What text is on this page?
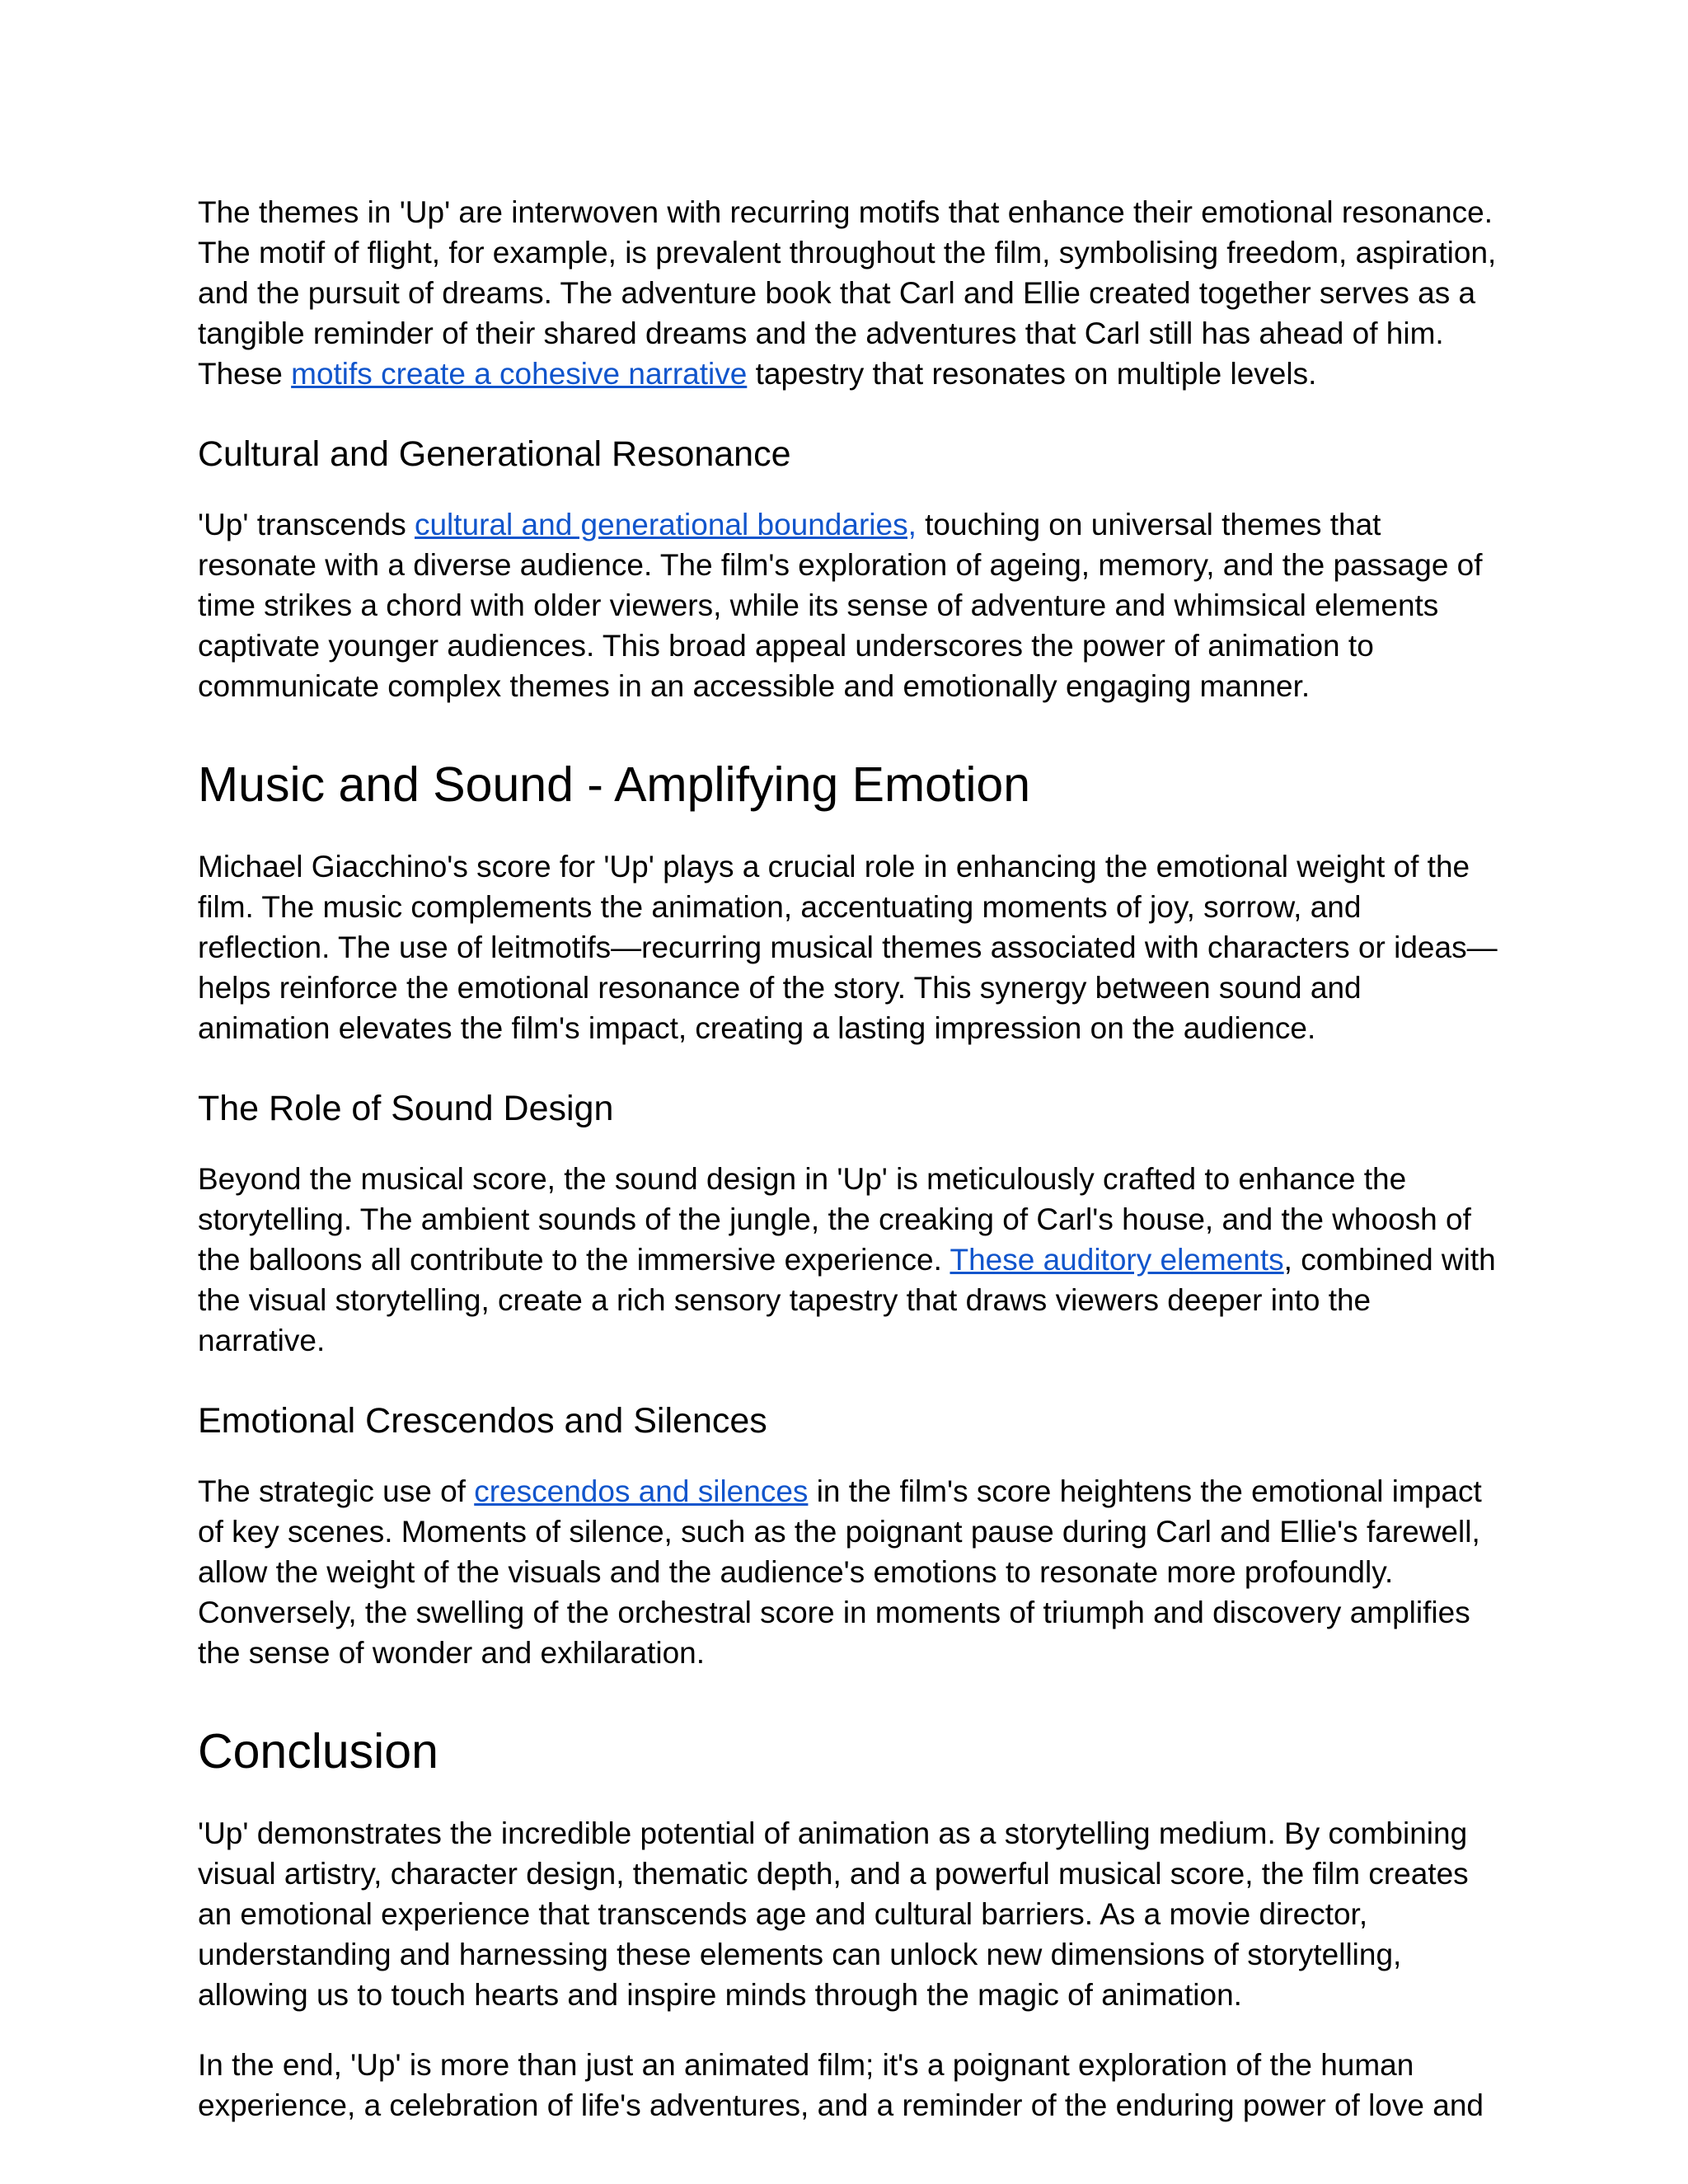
The themes in 'Up' are interwoven with recurring motifs that enhance their emotional resonance. The motif of flight, for example, is prevalent throughout the film, symbolising freedom, aspiration, and the pursuit of dreams. The adventure book that Carl and Ellie created together serves as a tangible reminder of their shared dreams and the adventures that Carl still has ahead of him. These motifs create a cohesive narrative tapestry that resonates on multiple levels.

Cultural and Generational Resonance

'Up' transcends cultural and generational boundaries, touching on universal themes that resonate with a diverse audience. The film's exploration of ageing, memory, and the passage of time strikes a chord with older viewers, while its sense of adventure and whimsical elements captivate younger audiences. This broad appeal underscores the power of animation to communicate complex themes in an accessible and emotionally engaging manner.

Music and Sound - Amplifying Emotion

Michael Giacchino's score for 'Up' plays a crucial role in enhancing the emotional weight of the film. The music complements the animation, accentuating moments of joy, sorrow, and reflection. The use of leitmotifs—recurring musical themes associated with characters or ideas—helps reinforce the emotional resonance of the story. This synergy between sound and animation elevates the film's impact, creating a lasting impression on the audience.

The Role of Sound Design

Beyond the musical score, the sound design in 'Up' is meticulously crafted to enhance the storytelling. The ambient sounds of the jungle, the creaking of Carl's house, and the whoosh of the balloons all contribute to the immersive experience. These auditory elements, combined with the visual storytelling, create a rich sensory tapestry that draws viewers deeper into the narrative.

Emotional Crescendos and Silences

The strategic use of crescendos and silences in the film's score heightens the emotional impact of key scenes. Moments of silence, such as the poignant pause during Carl and Ellie's farewell, allow the weight of the visuals and the audience's emotions to resonate more profoundly. Conversely, the swelling of the orchestral score in moments of triumph and discovery amplifies the sense of wonder and exhilaration.

Conclusion

'Up' demonstrates the incredible potential of animation as a storytelling medium. By combining visual artistry, character design, thematic depth, and a powerful musical score, the film creates an emotional experience that transcends age and cultural barriers. As a movie director, understanding and harnessing these elements can unlock new dimensions of storytelling, allowing us to touch hearts and inspire minds through the magic of animation.

In the end, 'Up' is more than just an animated film; it's a poignant exploration of the human experience, a celebration of life's adventures, and a reminder of the enduring power of love and
